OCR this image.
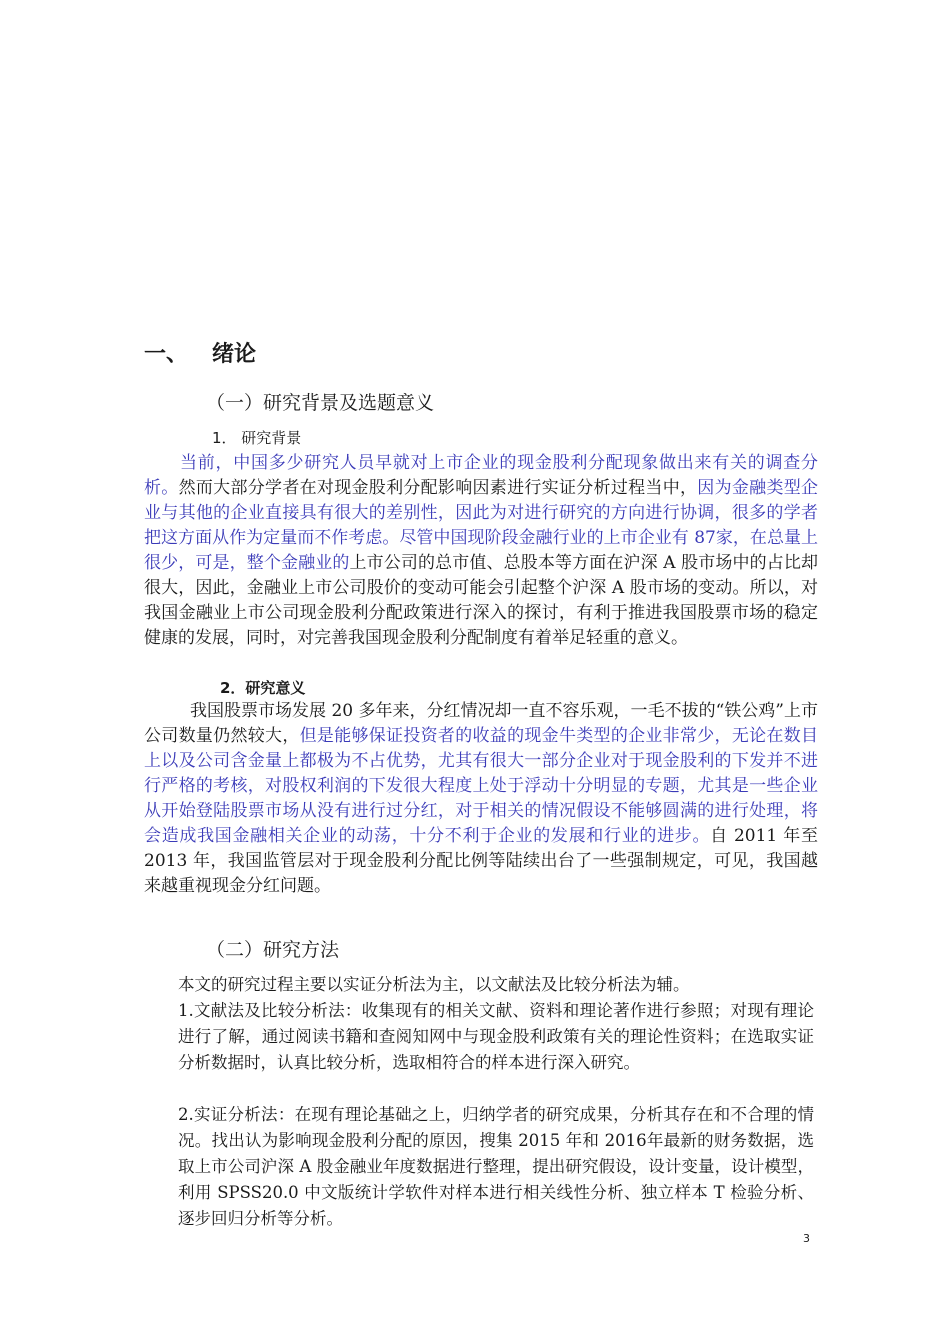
一、 绪论
（一）研究背景及选题意义
1． 研究背景

当前，中国多少研究人员早就对上市企业的现金股利分配现象做出来有关的调查分析。然而大部分学者在对现金股利分配影响因素进行实证分析过程当中，因为金融类型企业与其他的企业直接具有很大的差别性，因此为对进行研究的方向进行协调，很多的学者把这方面从作为定量而不作考虑。尽管中国现阶段金融行业的上市企业有 87家，在总量上很少，可是，整个金融业的上市公司的总市值、总股本等方面在沪深 A 股市场中的占比却很大，因此，金融业上市公司股价的变动可能会引起整个沪深 A 股市场的变动。所以，对我国金融业上市公司现金股利分配政策进行深入的探讨，有利于推进我国股票市场的稳定健康的发展，同时，对完善我国现金股利分配制度有着举足轻重的意义。

2．研究意义

我国股票市场发展 20 多年来，分红情况却一直不容乐观，一毛不拔的“铁公鸡”上市公司数量仍然较大，但是能够保证投资者的收益的现金牛类型的企业非常少，无论在数目上以及公司含金量上都极为不占优势，尤其有很大一部分企业对于现金股利的下发并不进行严格的考核，对股权利润的下发很大程度上处于浮动十分明显的专题，尤其是一些企业从开始登陆股票市场从没有进行过分红，对于相关的情况假设不能够圆满的进行处理，将会造成我国金融相关企业的动荡，十分不利于企业的发展和行业的进步。自 2011 年至 2013 年，我国监管层对于现金股利分配比例等陆续出台了一些强制规定，可见，我国越来越重视现金分红问题。

（二）研究方法

本文的研究过程主要以实证分析法为主，以文献法及比较分析法为辅。

1.文献法及比较分析法：收集现有的相关文献、资料和理论著作进行参照；对现有理论进行了解，通过阅读书籍和查阅知网中与现金股利政策有关的理论性资料；在选取实证分析数据时，认真比较分析，选取相符合的样本进行深入研究。

2.实证分析法：在现有理论基础之上，归纳学者的研究成果，分析其存在和不合理的情况。找出认为影响现金股利分配的原因，搜集 2015 年和 2016年最新的财务数据，选取上市公司沪深 A 股金融业年度数据进行整理，提出研究假设，设计变量，设计模型，利用 SPSS20.0 中文版统计学软件对样本进行相关线性分析、独立样本 T 检验分析、逐步回归分析等分析。

3
